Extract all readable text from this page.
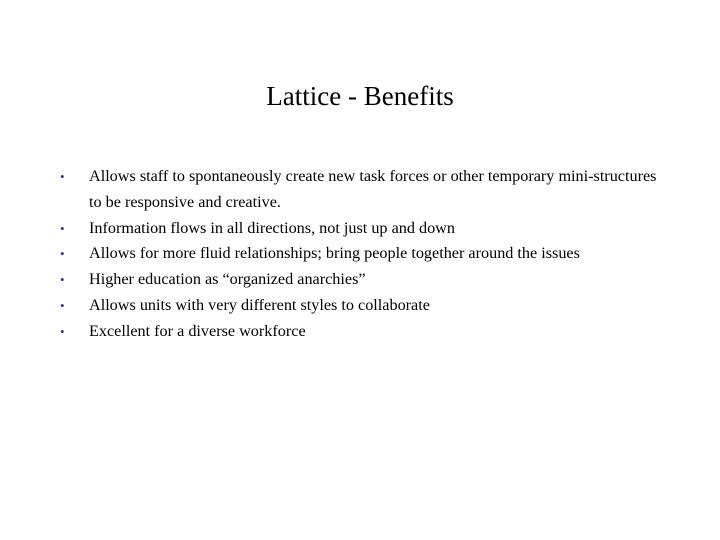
Lattice - Benefits
• Allows staff to spontaneously create new task forces or other temporary mini-structures to be responsive and creative.
• Information flows in all directions, not just up and down
• Allows for more fluid relationships; bring people together around the issues
• Higher education as “organized anarchies”
• Allows units with very different styles to collaborate
• Excellent for a diverse workforce
